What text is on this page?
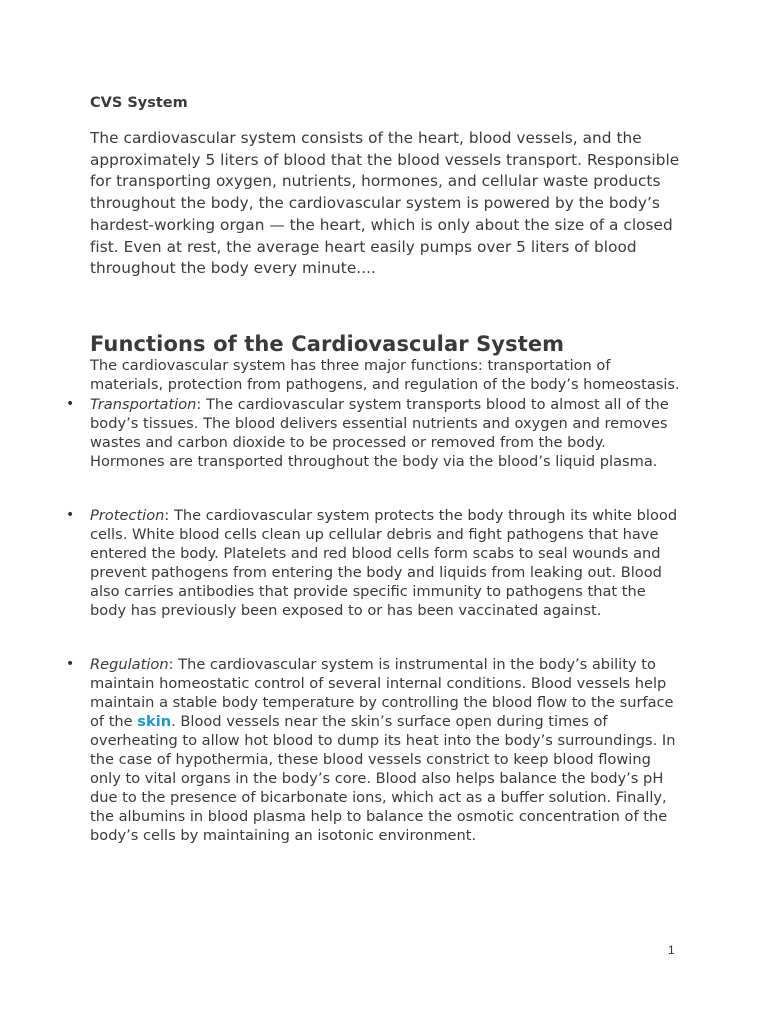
CVS System

The cardiovascular system consists of the heart, blood vessels, and the approximately 5 liters of blood that the blood vessels transport. Responsible for transporting oxygen, nutrients, hormones, and cellular waste products throughout the body, the cardiovascular system is powered by the body’s hardest-working organ — the heart, which is only about the size of a closed fist. Even at rest, the average heart easily pumps over 5 liters of blood throughout the body every minute....

Functions of the Cardiovascular System

The cardiovascular system has three major functions: transportation of materials, protection from pathogens, and regulation of the body’s homeostasis.

• Transportation: The cardiovascular system transports blood to almost all of the body’s tissues. The blood delivers essential nutrients and oxygen and removes wastes and carbon dioxide to be processed or removed from the body. Hormones are transported throughout the body via the blood’s liquid plasma.
• Protection: The cardiovascular system protects the body through its white blood cells. White blood cells clean up cellular debris and fight pathogens that have entered the body. Platelets and red blood cells form scabs to seal wounds and prevent pathogens from entering the body and liquids from leaking out. Blood also carries antibodies that provide specific immunity to pathogens that the body has previously been exposed to or has been vaccinated against.
• Regulation: The cardiovascular system is instrumental in the body’s ability to maintain homeostatic control of several internal conditions. Blood vessels help maintain a stable body temperature by controlling the blood flow to the surface of the skin. Blood vessels near the skin’s surface open during times of overheating to allow hot blood to dump its heat into the body’s surroundings. In the case of hypothermia, these blood vessels constrict to keep blood flowing only to vital organs in the body’s core. Blood also helps balance the body’s pH due to the presence of bicarbonate ions, which act as a buffer solution. Finally, the albumins in blood plasma help to balance the osmotic concentration of the body’s cells by maintaining an isotonic environment.
1
